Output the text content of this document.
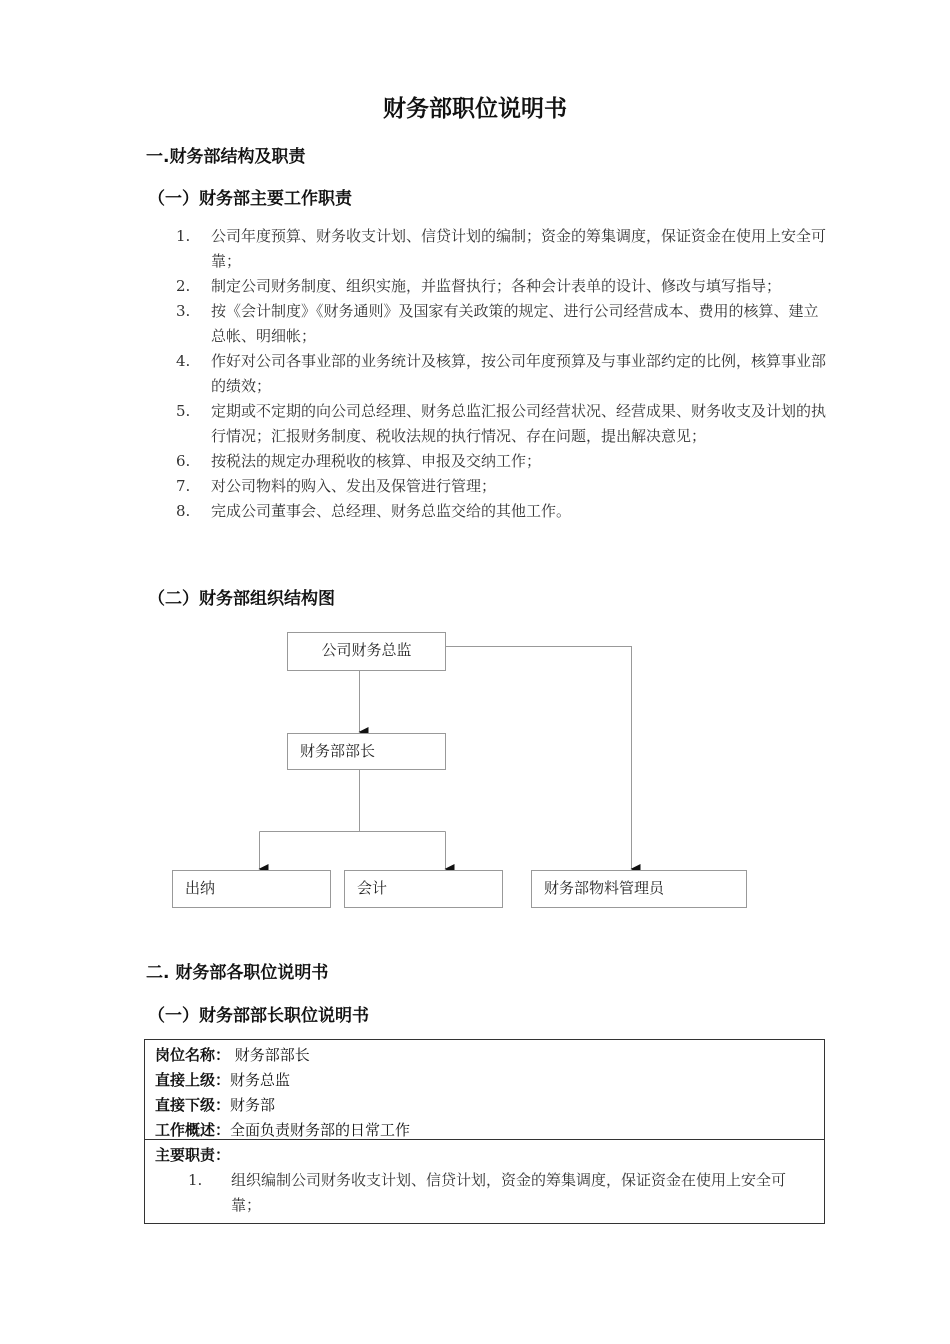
财务部职位说明书
一.财务部结构及职责
（一）财务部主要工作职责
1.	公司年度预算、财务收支计划、信贷计划的编制；资金的筹集调度，保证资金在使用上安全可靠；
2.	制定公司财务制度、组织实施，并监督执行；各种会计表单的设计、修改与填写指导；
3.	按《会计制度》《财务通则》及国家有关政策的规定、进行公司经营成本、费用的核算、建立总帐、明细帐；
4.	作好对公司各事业部的业务统计及核算，按公司年度预算及与事业部约定的比例，核算事业部的绩效；
5.	定期或不定期的向公司总经理、财务总监汇报公司经营状况、经营成果、财务收支及计划的执行情况；汇报财务制度、税收法规的执行情况、存在问题，提出解决意见；
6.	按税法的规定办理税收的核算、申报及交纳工作；
7.	对公司物料的购入、发出及保管进行管理；
8.	完成公司董事会、总经理、财务总监交给的其他工作。
（二）财务部组织结构图
公司财务总监
财务部部长
出纳	会计	财务部物料管理员
二. 财务部各职位说明书
（一）财务部部长职位说明书
岗位名称： 财务部部长
直接上级：财务总监
直接下级：财务部
工作概述：全面负责财务部的日常工作
主要职责：
1.	组织编制公司财务收支计划、信贷计划，资金的筹集调度，保证资金在使用上安全可靠；
